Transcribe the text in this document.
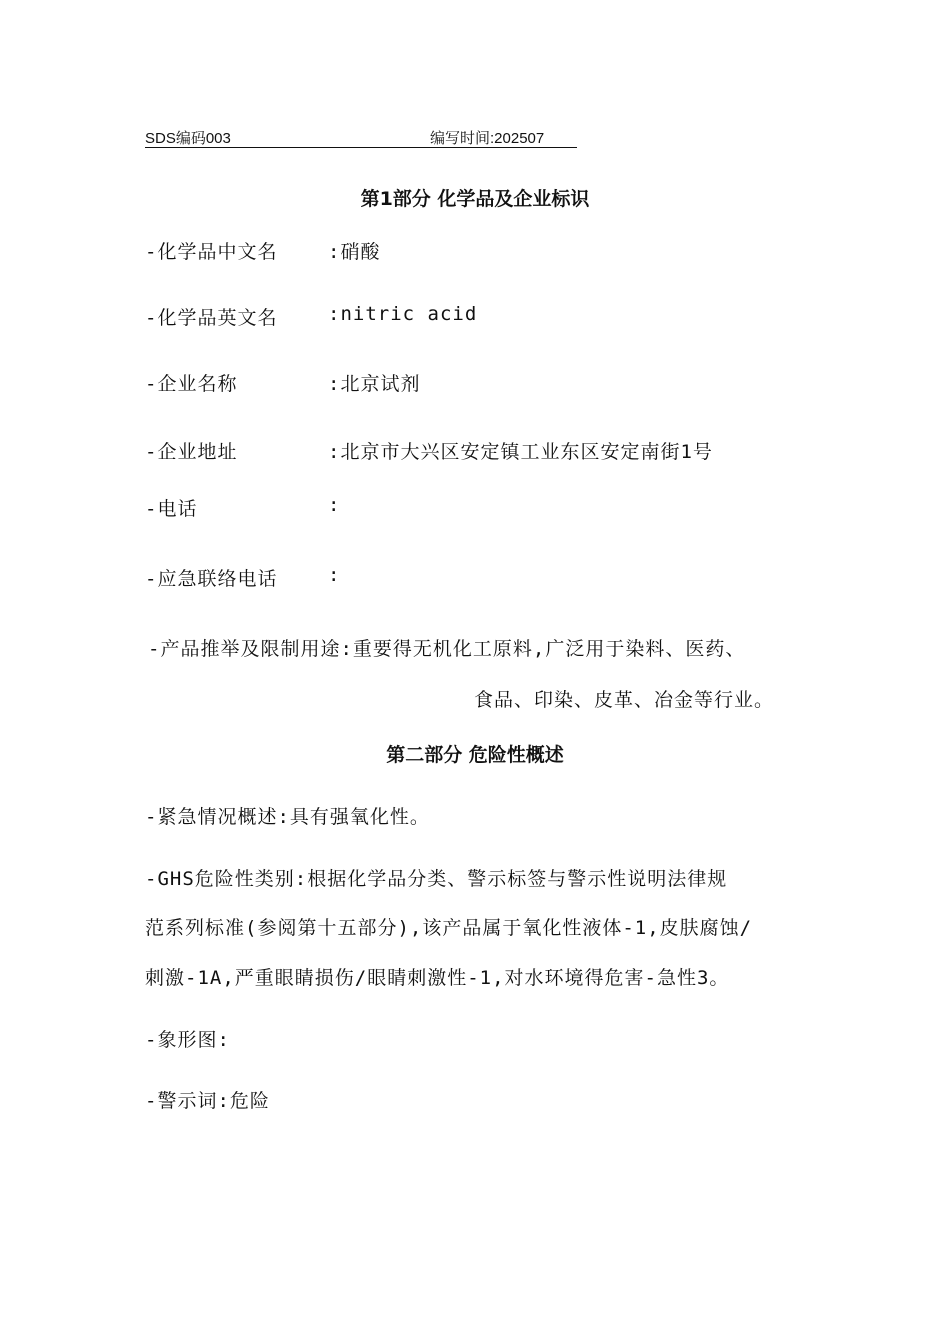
SDS编码003	编写时间:202507
第1部分 化学品及企业标识
-化学品中文名	:硝酸
-化学品英文名	:nitric acid
-企业名称	:北京试剂
-企业地址	:北京市大兴区安定镇工业东区安定南街1号
-电话	:
-应急联络电话	:
-产品推举及限制用途:重要得无机化工原料,广泛用于染料、医药、
食品、印染、皮革、冶金等行业。
第二部分 危险性概述
-紧急情况概述:具有强氧化性。
-GHS危险性类别:根据化学品分类、警示标签与警示性说明法律规
范系列标准(参阅第十五部分),该产品属于氧化性液体-1,皮肤腐蚀/
刺激-1A,严重眼睛损伤/眼睛刺激性-1,对水环境得危害-急性3。
-象形图:
-警示词:危险
